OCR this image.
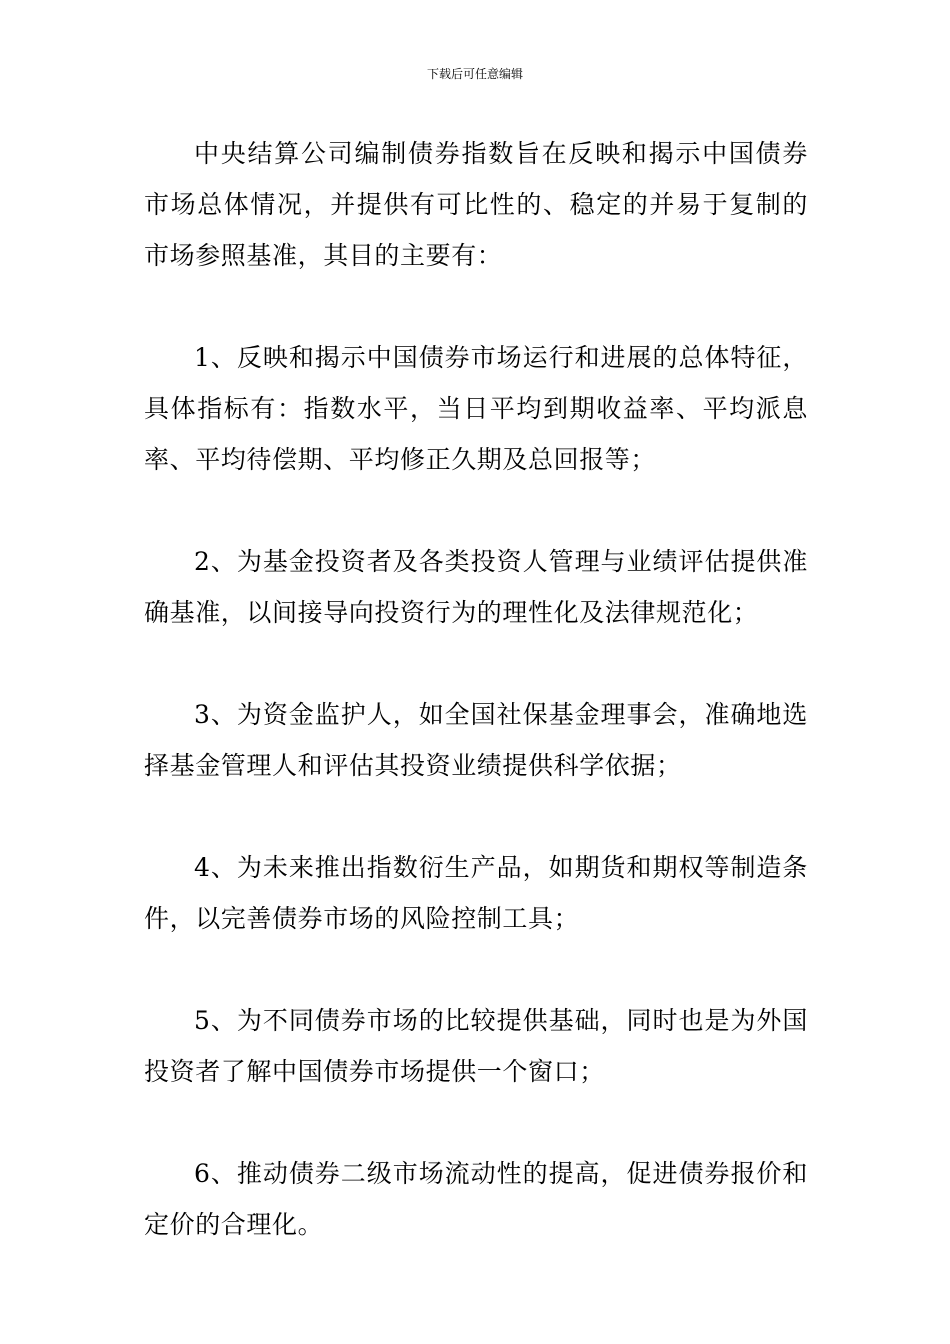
下载后可任意编辑

中央结算公司编制债券指数旨在反映和揭示中国债券市场总体情况，并提供有可比性的、稳定的并易于复制的市场参照基准，其目的主要有：

1、反映和揭示中国债券市场运行和进展的总体特征，具体指标有：指数水平，当日平均到期收益率、平均派息率、平均待偿期、平均修正久期及总回报等；

2、为基金投资者及各类投资人管理与业绩评估提供准确基准，以间接导向投资行为的理性化及法律规范化；

3、为资金监护人，如全国社保基金理事会，准确地选择基金管理人和评估其投资业绩提供科学依据；

4、为未来推出指数衍生产品，如期货和期权等制造条件，以完善债券市场的风险控制工具；

5、为不同债券市场的比较提供基础，同时也是为外国投资者了解中国债券市场提供一个窗口；

6、推动债券二级市场流动性的提高，促进债券报价和定价的合理化。
